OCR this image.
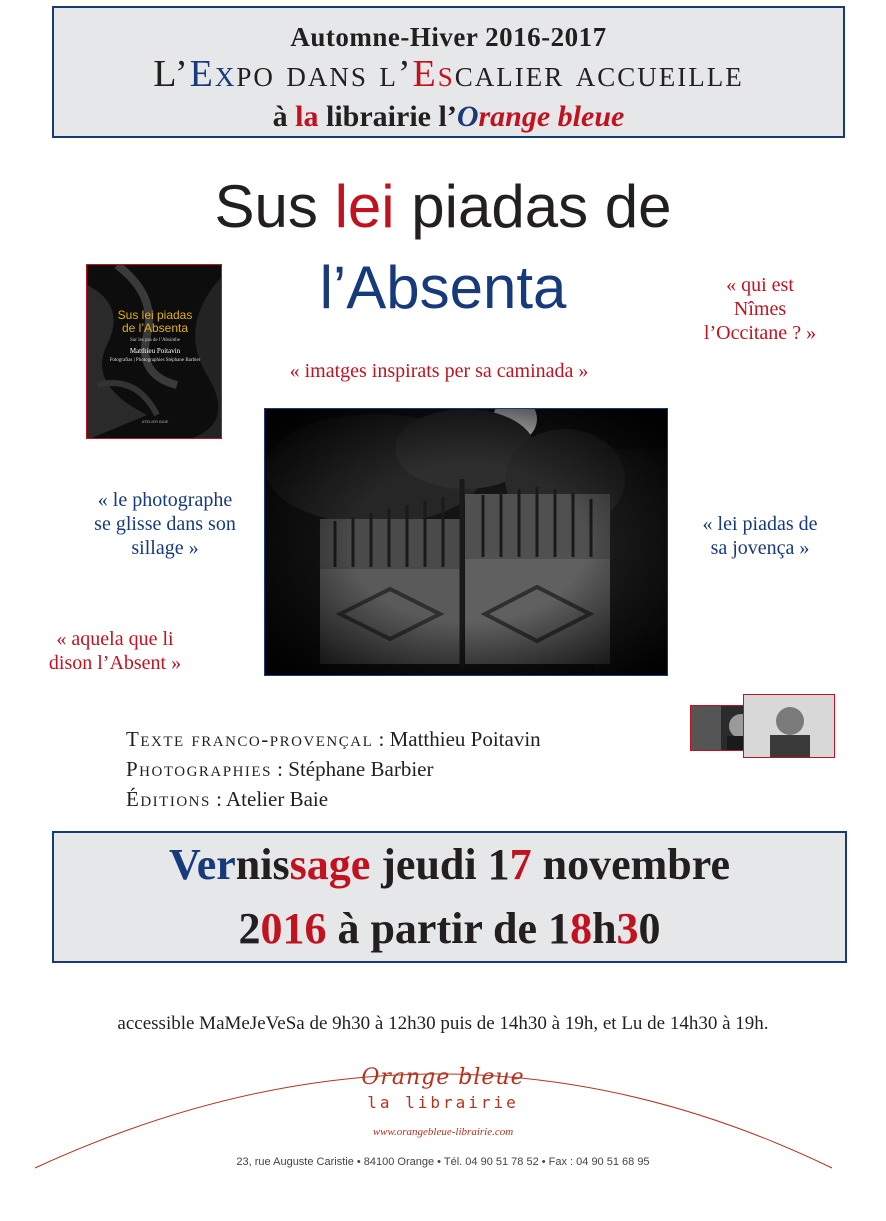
Automne-Hiver 2016-2017
L’Expo dans l’Escalier accueille
à la librairie l’Orange bleue
Sus lei piadas de
l’Absenta
Sus lei piadas
de l’Absenta
Sur les pas de l’Absinthe
Matthieu Poitavin
Fotografias | Photographies Stéphane Barbier
ATELIER BAIE
« qui est
Nîmes
l’Occitane ? »
« imatges inspirats per sa caminada »
« le photographe
se glisse dans son
sillage »
« lei piadas de
sa jovença »
« aquela que li
dison l’Absent »
Texte franco-provençal : Matthieu Poitavin
Photographies : Stéphane Barbier
Éditions : Atelier Baie
Vernissage jeudi 17 novembre
2016 à partir de 18h30
accessible MaMeJeVeSa de 9h30 à 12h30 puis de 14h30 à 19h, et Lu de 14h30 à 19h.
Orange bleue
la librairie
www.orangebleue-librairie.com
23, rue Auguste Caristie • 84100 Orange • Tél. 04 90 51 78 52 • Fax : 04 90 51 68 95
